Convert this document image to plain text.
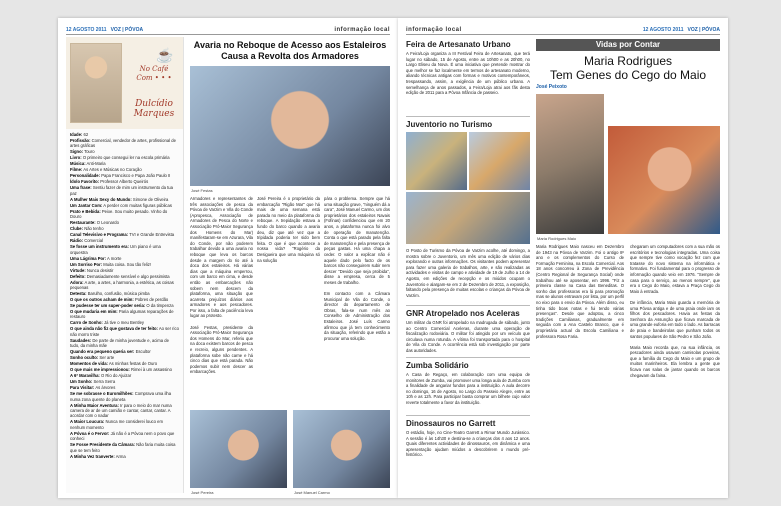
12 AGOSTO 2011 VOZ | PÓVOA	informação local
☕
No Café
Com • • •
Dulcídio
Marques

Idade: 62

Profissão: Comercial, vendedor de artes, profissional de artes gráficas

Signo: Touro

Livro: O primeiro que consegui ler na escola primária

Música: Anti-Maria

Filme: As Artes e Músicas no Coração

Personalidade: Papa Francisco e Papa João Paulo II

Ídolo Favorito: Professor Alberto Queirós

Uma frase: Sentiu fazer de mim um instrumento da tua paz

A Mulher Mais Sexy do Mundo: Simone de Oliveira

Um Jantar Com: A perder com muitas figuras públicas

Prato e Bebida: Peixe. Sou muito pesado. Vinho do Douro

Restaurante: O Leonardo

Clube: Não tenho

Canal Televisivo e Programa: TVI e Grande Entrevista

Rádio: Comercial

Se fosse um instrumento era: Um piano é uma orquestra

Uma Lágrima Por: A morte

Um Sorriso Por: Muita coisa. Sou tão feliz!

Virtude: Nunca desistir

Defeito: Demasiadamente sensível e algo pessimista

Adora: A arte, a artes, a harmonia, a estética, as coisas pequenas

Detesta: Barulho, confusão, música pimba

O que os outros acham de mim: Pobres de perdão

Se pudesse ter um super-poder seria: O da timpenza

O que mudaria em mim: Paria algumas reparações de restauro

Carro de Sonho: Já tive o meu Bentley

O que ainda não fiz que gostava de ter feito: Ao ser rico não morro triste

Saudades: De parte de minha juventude e, acima de tudo, da minha mãe

Quando era pequeno queria ser: Escultor

Sonho oculto: Ser arte

Momentos de vida: As minhas festas de Ouro

O que mais me impressionou: Rimei à um assassino

A 6ª Maravilha: O Rio do Ajuizar

Um Sonho: Serra Serra

Para Visitar: As árvores

Se me sobrasse o Euromilhões: Comprava uma ilha numa zona quente do planeta

A Minha Maior Aventura: Ir para o meio do mar numa camera de ar de um camião e cantar, cantar, cantar. A acordar com o nadar

A Maior Loucura: Nunca me considerei louco em nenhum momento

A Póvoa é o Fervor: Já não é a Póvoa nem o povo que conheci

Se Fosse Presidente da Câmara: Não faria muita coisa que se tem feito

A Minha Vez tranverte: Arma

Avaria no Reboque de Acesso aos Estaleiros Causa a Revolta dos Armadores
José Festas
Armadores e representantes de três associações de pesca da Póvoa de Varzim e Vila do Conde (Apropesca, Associação de Armadores de Pesca do Norte e Associação Pró-Maior Segurança dos Homens do Mar) manifestaram-se em Azurara, Vila do Conde, por não poderem trabalhar devido a uma avaria no reboque que leva os barcos desde a margem do rio até à doca dos estaleiros. Há várias dias que a máquina emperrou, com um barco em cima, e desde então as embarcações não sobem nem descem da plataforma, uma situação que acarreta prejuízos diários aos armadores e aos pescadores. Por isso, a falta de paciência leva lugar ao protesto.

José Festas, presidente da Associação Pró-Maior Segurança dos Homens do Mar, referiu que na doca existem barcos de pesca e recreio, alguns pendentes. A plataforma sobe não carne e há cinco dias que está parada. Não podemos subir nem descer as embarcações.
José Pereira é o proprietário da embarcação "Rigão Mar" que há mais de uma semana está parada no meio da plataforma do reboque. A trepidação estava a fundo do barco quando a avaria deu, diz que até vez que a tripidada poderia ter sido bem feita. O que é que acontece a nossa vida? "Rogério da Desigueira que uma máquina só na solução
pára o problema. Sempre que há uma situação grave, "ninguém dá a cara", José Manuel Carmo, um dos proprietários dos estaleiros Navais (Fofinas) confidenciou que em 20 anos, a plataforma nunca foi alvo de operação de manutenção. Conta o que está parado pela falta de manutenção e pela presença de peças gastas. Há uma chapa a ceder. O valor a explicar não é aquele dado pelo facto de os barcos não conseguirem subir nem descer "Devido que seja proibida", disse a empresa, cerca de 5 meses de trabalho.

Em contacto com a Câmara Municipal de Vila do Conde, o director do departamento de Obras, fala-se num mês ao Conselho de Administração dos Estaleiros. José Luís Carmo afirmou que já tem conhecimento da situação, referindo que estão a procurar uma solução.
José Pereira	José Manuel Carmo
informação local	12 AGOSTO 2011 VOZ | PÓVOA
Feira de Artesanato Urbano
A Feira/Loja organiza a III Festival Feira de Artesanato, que terá lugar no sábado, 15 de Agosto, entre as 10h00 e as 20h00, no Largo Eliseu da Nova. É uma iniciativa que pretende mostrar do que melhor se faz localmente em termos de artesanato moderno, aliando técnicas antigas com formas e motivos contemporâneos, trespassando, assim, a exigência de um público urbano. A semelhança de anos passados, a Feira/Loja atrai aos fãs desta edição de 2011 para a Póvoa Infância de passeio.
Juventorio no Turismo
O Posto de Turismo da Póvoa de Varzim acolhe, até domingo, a mostra sobre o Juventorio, um mês uma edição de vários dias explorando e outras informações. Os visitantes podem apresentar para fazer uma galeria de trabalhos, arte, e são realizadas as actividades e visitas de campo e atividade de 19 de Julho a 14 de Agosto, em edições de recepção e os miúdos ocupam o Juventorio e alargam-se em 2 de Dezembro de 2011, a exposição, faltando pela presença de muitas escolas e crianças da Póvoa de Varzim.
GNR Atropelado nos Aceleras
Um militar da GNR foi atropelado na madrugada de sábado, junto ao Centro Comercial Aceleras, durante uma operação de fiscalização rodoviária. O militar foi atingido por um veículo que circulava numa rotunda. A vítima foi transportada para o hospital de Vila do Conde. A ocorrência está sob investigação por parte das autoridades.
Zumba Solidário
A Casa de Regaço, em colaboração com uma equipa de monitores de Zumba, vai promover uma longa aula de Zumba com a finalidade de angariar fundos para a instituição. A aula decorre no domingo, 16 de Agosto, no Largo do Passeio Alegre, entre as 10h e as 12h. Para participar basta comprar um bilhete cujo valor reverte totalmente a favor da instituição.
Dinossauros no Garrett
O estádio, hoje, no Cine-Teatro Garrett a Rimar Mundo Jurássico. A sessão é às 14h30 e destina-se a crianças dos 4 aos 12 anos. Quais diferentes actividades de dinossauros, em dinâmica e uma apresentação ajudam miúdos a descobrirem o mundo pré-histórico.
Vidas por Contar
Maria Rodrigues
Tem Genes do Cego do Maio
José Peixoto
Maria Rodrigues Maio
Maria Rodrigues Maio nasceu em Dezembro de 1943 na Póvoa de Varzim. Foi o antigo 8º ano e os complementos do Curso de Formação Feminina, na Escola Comercial. Aos 18 anos concorreu à Zona de Previdência (Centro Regional de Segurança Social) onde trabalhou até se aposentar, em 1996. "Fiz a primeira classe na Casa das Beneditas. O sonho das professoras era lá para promoção mas se alunos entravam por lista, por um perfil no eixo para o envio da Póvoa. Além disso, eu tinha tido boas notas e fui tendo várias presenças". Desde que adoptou, a cinco tradições Camilianas, gradualmente em seguida com a Ana Castelo Branco, que é proprietária actual da Escola Camiliana e professora Rosa Faria.
chegaram um computadores com a sua mão os escritórios e tecnologias integradas. Uma coisa que sempre tive como vocação fez com que tratasse do novo sistema na informática e formativo. Foi fundamental para o progresso de informação quando veio em 1976. "Sempre de casa para o serviço, ao menos sempre", que era o Cego do Maio, estava a Praça Cego do Maio à entrada.

De infância, Maria Maio guarda a memória de uma Póvoa antiga e de uma praia onde iam os filhos dos pescadores. Havia as festas da Senhora da Assunção que ficava marcada de uma grande euforia em todo o lado. As barracas de praia e bandeirolas que punham todos os santos populares de São Pedro e São João.

Maria Maio recorda que, na sua infância, os pescadores ainda usavam camisolas poveiras, que a família do Cego do Maio e um grupo de muitos marinheiros. Ela lembra a gente que ficava nas salas de jantar quando os barcos chegavam da faina.
